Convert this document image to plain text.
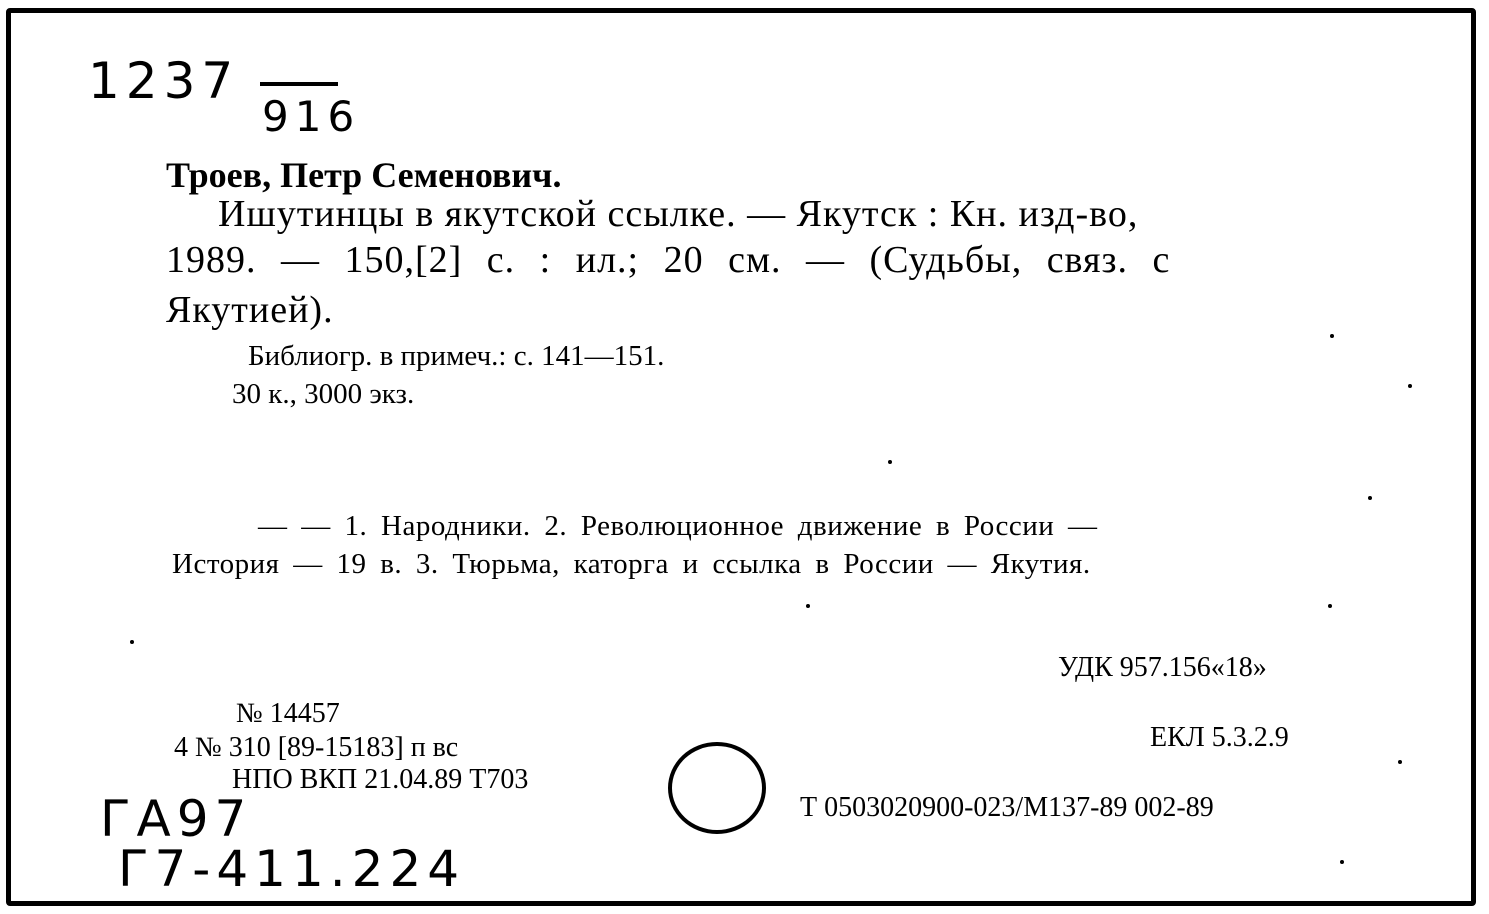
1237
916
Троев, Петр Семенович.
Ишутинцы в якутской ссылке. — Якутск : Кн. изд-во,
1989. — 150,[2] с. : ил.; 20 см. — (Судьбы, связ. с
Якутией).
Библиогр. в примеч.: с. 141—151.
30 к., 3000 экз.
— — 1. Народники. 2. Революционное движение в России —
История — 19 в. 3. Тюрьма, каторга и ссылка в России — Якутия.
УДК 957.156«18»
ЕКЛ 5.3.2.9
№ 14457
4 № 310 [89-15183] п вс
НПО ВКП 21.04.89 Т703
Т 0503020900-023/М137-89 002-89
ГА97
Г7-411.224
